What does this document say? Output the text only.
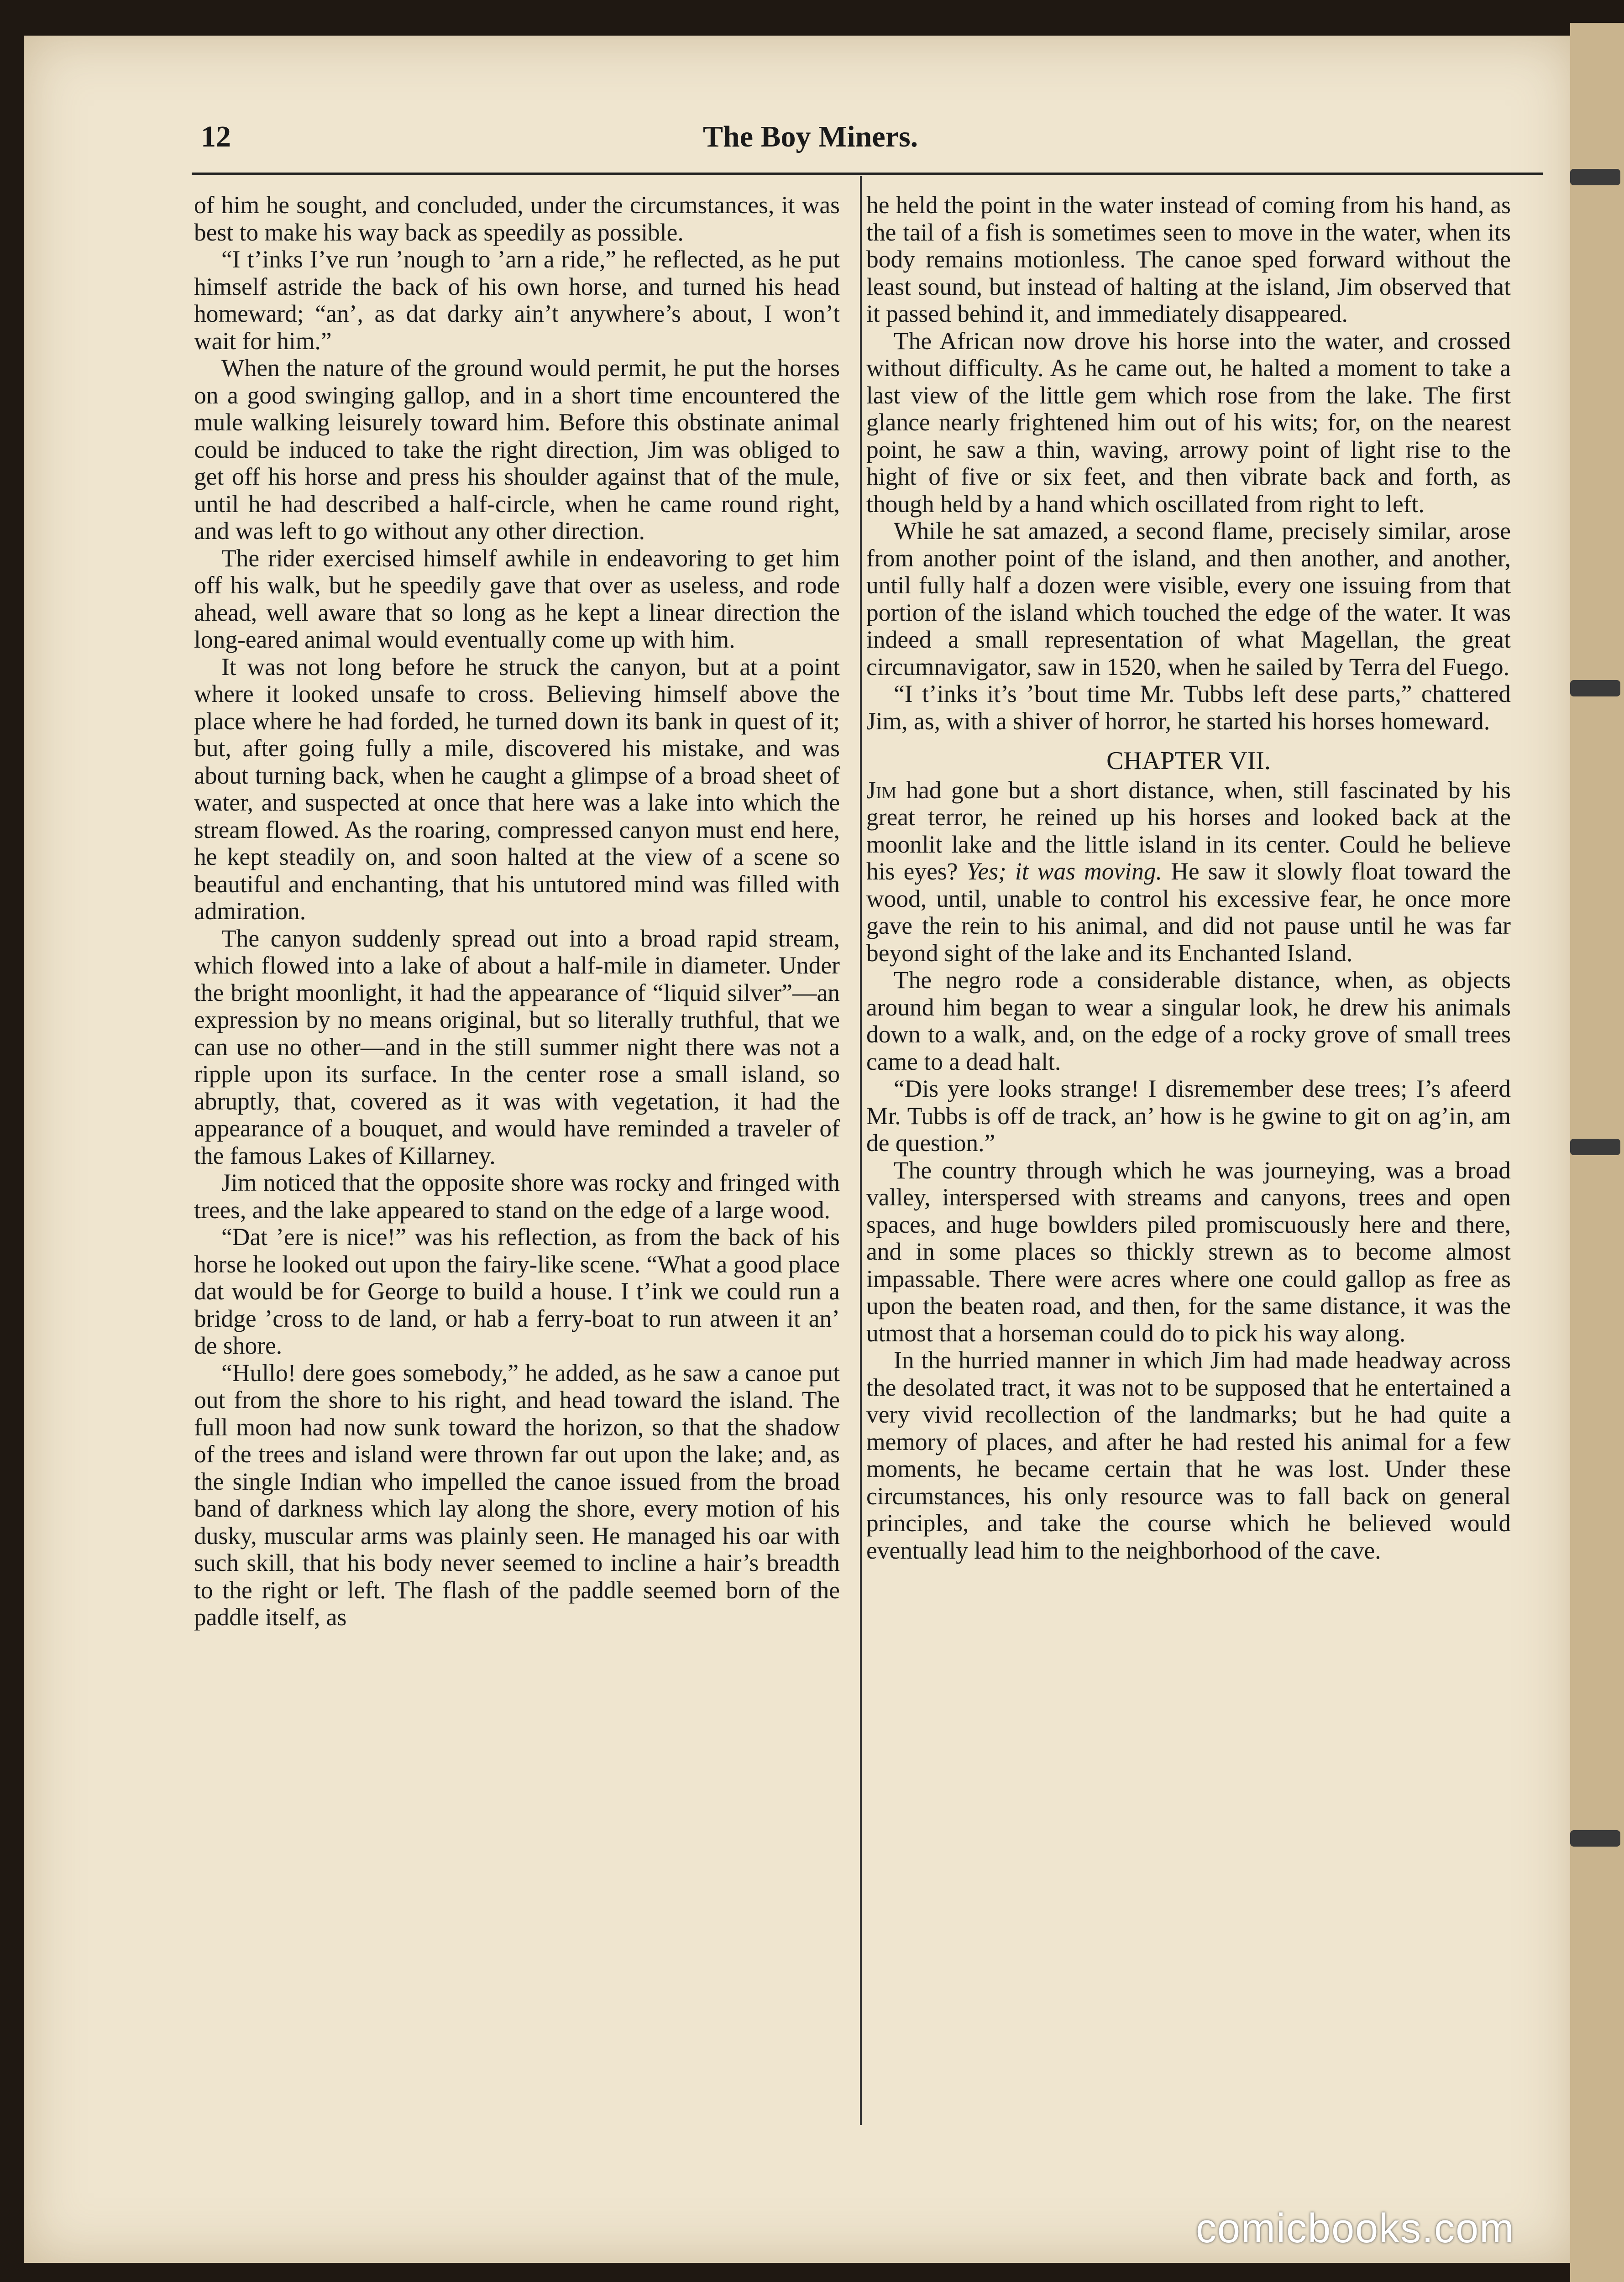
12	The Boy Miners.

of him he sought, and concluded, under the circumstances, it was best to make his way back as speedily as possible.

“I t’inks I’ve run ’nough to ’arn a ride,” he reflected, as he put himself astride the back of his own horse, and turned his head homeward; “an’, as dat darky ain’t anywhere’s about, I won’t wait for him.”

When the nature of the ground would permit, he put the horses on a good swinging gallop, and in a short time encountered the mule walking leisurely toward him. Before this obstinate animal could be induced to take the right direction, Jim was obliged to get off his horse and press his shoulder against that of the mule, until he had described a half-circle, when he came round right, and was left to go without any other direction.

The rider exercised himself awhile in endeavoring to get him off his walk, but he speedily gave that over as useless, and rode ahead, well aware that so long as he kept a linear direction the long-eared animal would eventually come up with him.

It was not long before he struck the canyon, but at a point where it looked unsafe to cross. Believing himself above the place where he had forded, he turned down its bank in quest of it; but, after going fully a mile, discovered his mistake, and was about turning back, when he caught a glimpse of a broad sheet of water, and suspected at once that here was a lake into which the stream flowed. As the roaring, compressed canyon must end here, he kept steadily on, and soon halted at the view of a scene so beautiful and enchanting, that his untutored mind was filled with admiration.

The canyon suddenly spread out into a broad rapid stream, which flowed into a lake of about a half-mile in diameter. Under the bright moonlight, it had the appearance of “liquid silver”—an expression by no means original, but so literally truthful, that we can use no other—and in the still summer night there was not a ripple upon its surface. In the center rose a small island, so abruptly, that, covered as it was with vegetation, it had the appearance of a bouquet, and would have reminded a traveler of the famous Lakes of Killarney.

Jim noticed that the opposite shore was rocky and fringed with trees, and the lake appeared to stand on the edge of a large wood.

“Dat ’ere is nice!” was his reflection, as from the back of his horse he looked out upon the fairy-like scene. “What a good place dat would be for George to build a house. I t’ink we could run a bridge ’cross to de land, or hab a ferry-boat to run atween it an’ de shore.

“Hullo! dere goes somebody,” he added, as he saw a canoe put out from the shore to his right, and head toward the island. The full moon had now sunk toward the horizon, so that the shadow of the trees and island were thrown far out upon the lake; and, as the single Indian who impelled the canoe issued from the broad band of darkness which lay along the shore, every motion of his dusky, muscular arms was plainly seen. He managed his oar with such skill, that his body never seemed to incline a hair’s breadth to the right or left. The flash of the paddle seemed born of the paddle itself, as

he held the point in the water instead of coming from his hand, as the tail of a fish is sometimes seen to move in the water, when its body remains motionless. The canoe sped forward without the least sound, but instead of halting at the island, Jim observed that it passed behind it, and immediately disappeared.

The African now drove his horse into the water, and crossed without difficulty. As he came out, he halted a moment to take a last view of the little gem which rose from the lake. The first glance nearly frightened him out of his wits; for, on the nearest point, he saw a thin, waving, arrowy point of light rise to the hight of five or six feet, and then vibrate back and forth, as though held by a hand which oscillated from right to left.

While he sat amazed, a second flame, precisely similar, arose from another point of the island, and then another, and another, until fully half a dozen were visible, every one issuing from that portion of the island which touched the edge of the water. It was indeed a small representation of what Magellan, the great circumnavigator, saw in 1520, when he sailed by Terra del Fuego.

“I t’inks it’s ’bout time Mr. Tubbs left dese parts,” chattered Jim, as, with a shiver of horror, he started his horses homeward.

CHAPTER VII.

Jim had gone but a short distance, when, still fascinated by his great terror, he reined up his horses and looked back at the moonlit lake and the little island in its center. Could he believe his eyes? Yes; it was moving. He saw it slowly float toward the wood, until, unable to control his excessive fear, he once more gave the rein to his animal, and did not pause until he was far beyond sight of the lake and its Enchanted Island.

The negro rode a considerable distance, when, as objects around him began to wear a singular look, he drew his animals down to a walk, and, on the edge of a rocky grove of small trees came to a dead halt.

“Dis yere looks strange! I disremember dese trees; I’s afeerd Mr. Tubbs is off de track, an’ how is he gwine to git on ag’in, am de question.”

The country through which he was journeying, was a broad valley, interspersed with streams and canyons, trees and open spaces, and huge bowlders piled promiscuously here and there, and in some places so thickly strewn as to become almost impassable. There were acres where one could gallop as free as upon the beaten road, and then, for the same distance, it was the utmost that a horseman could do to pick his way along.

In the hurried manner in which Jim had made headway across the desolated tract, it was not to be supposed that he entertained a very vivid recollection of the landmarks; but he had quite a memory of places, and after he had rested his animal for a few moments, he became certain that he was lost. Under these circumstances, his only resource was to fall back on general principles, and take the course which he believed would eventually lead him to the neighborhood of the cave.

comicbooks.com
